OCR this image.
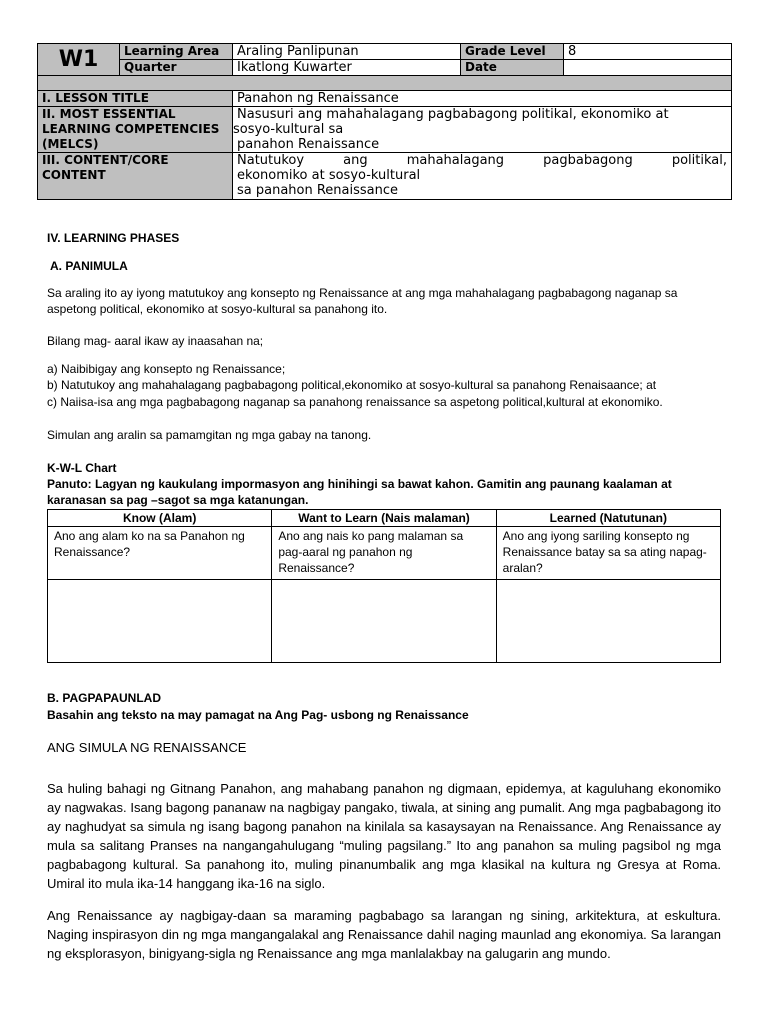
W1	Learning Area	Araling Panlipunan	Grade Level	8
	Quarter	Ikatlong Kuwarter	Date	

I. LESSON TITLE		Panahon ng Renaissance		
II. MOST ESSENTIAL LEARNING COMPETENCIES (MELCS)		Nasusuri ang mahahalagang pagbabagong politikal, ekonomiko at
sosyo-kultural sa
panahon Renaissance		

III. CONTENT/CORE CONTENT		Natutukoy ang mahahalagang pagbabagong politikal,
ekonomiko at sosyo-kultural
sa panahon Renaissance		
IV. LEARNING PHASES
A. PANIMULA
Sa araling ito ay iyong matutukoy ang konsepto ng Renaissance at ang mga mahahalagang pagbabagong naganap sa aspetong political, ekonomiko at sosyo-kultural sa panahong ito.
Bilang mag- aaral ikaw ay inaasahan na;
a) Naibibigay ang konsepto ng Renaissance;
b) Natutukoy ang mahahalagang pagbabagong political,ekonomiko at sosyo-kultural sa panahong Renaisaance; at
c) Naiisa-isa ang mga pagbabagong naganap sa panahong renaissance sa aspetong political,kultural at ekonomiko.
Simulan ang aralin sa pamamgitan ng mga gabay na tanong.
K-W-L Chart
Panuto: Lagyan ng kaukulang impormasyon ang hinihingi sa bawat kahon. Gamitin ang paunang kaalaman at
karanasan sa pag –sagot sa mga katanungan.
Know (Alam)	Want to Learn (Nais malaman)	Learned (Natutunan)
Ano ang alam ko na sa Panahon ng Renaissance?	Ano ang nais ko pang malaman sa pag-aaral ng panahon ng Renaissance?	Ano ang iyong sariling konsepto ng Renaissance batay sa sa ating napag-aralan?

B. PAGPAPAUNLAD
Basahin ang teksto na may pamagat na Ang Pag- usbong ng Renaissance
ANG SIMULA NG RENAISSANCE
Sa huling bahagi ng Gitnang Panahon, ang mahabang panahon ng digmaan, epidemya, at kaguluhang ekonomiko ay nagwakas. Isang bagong pananaw na nagbigay pangako, tiwala, at sining ang pumalit. Ang mga pagbabagong ito ay naghudyat sa simula ng isang bagong panahon na kinilala sa kasaysayan na Renaissance. Ang Renaissance ay mula sa salitang Pranses na nangangahulugang “muling pagsilang.” Ito ang panahon sa muling pagsibol ng mga pagbabagong kultural. Sa panahong ito, muling pinanumbalik ang mga klasikal na kultura ng Gresya at Roma. Umiral ito mula ika-14 hanggang ika-16 na siglo.
Ang Renaissance ay nagbigay-daan sa maraming pagbabago sa larangan ng sining, arkitektura, at eskultura. Naging inspirasyon din ng mga mangangalakal ang Renaissance dahil naging maunlad ang ekonomiya. Sa larangan ng eksplorasyon, binigyang-sigla ng Renaissance ang mga manlalakbay na galugarin ang mundo.
